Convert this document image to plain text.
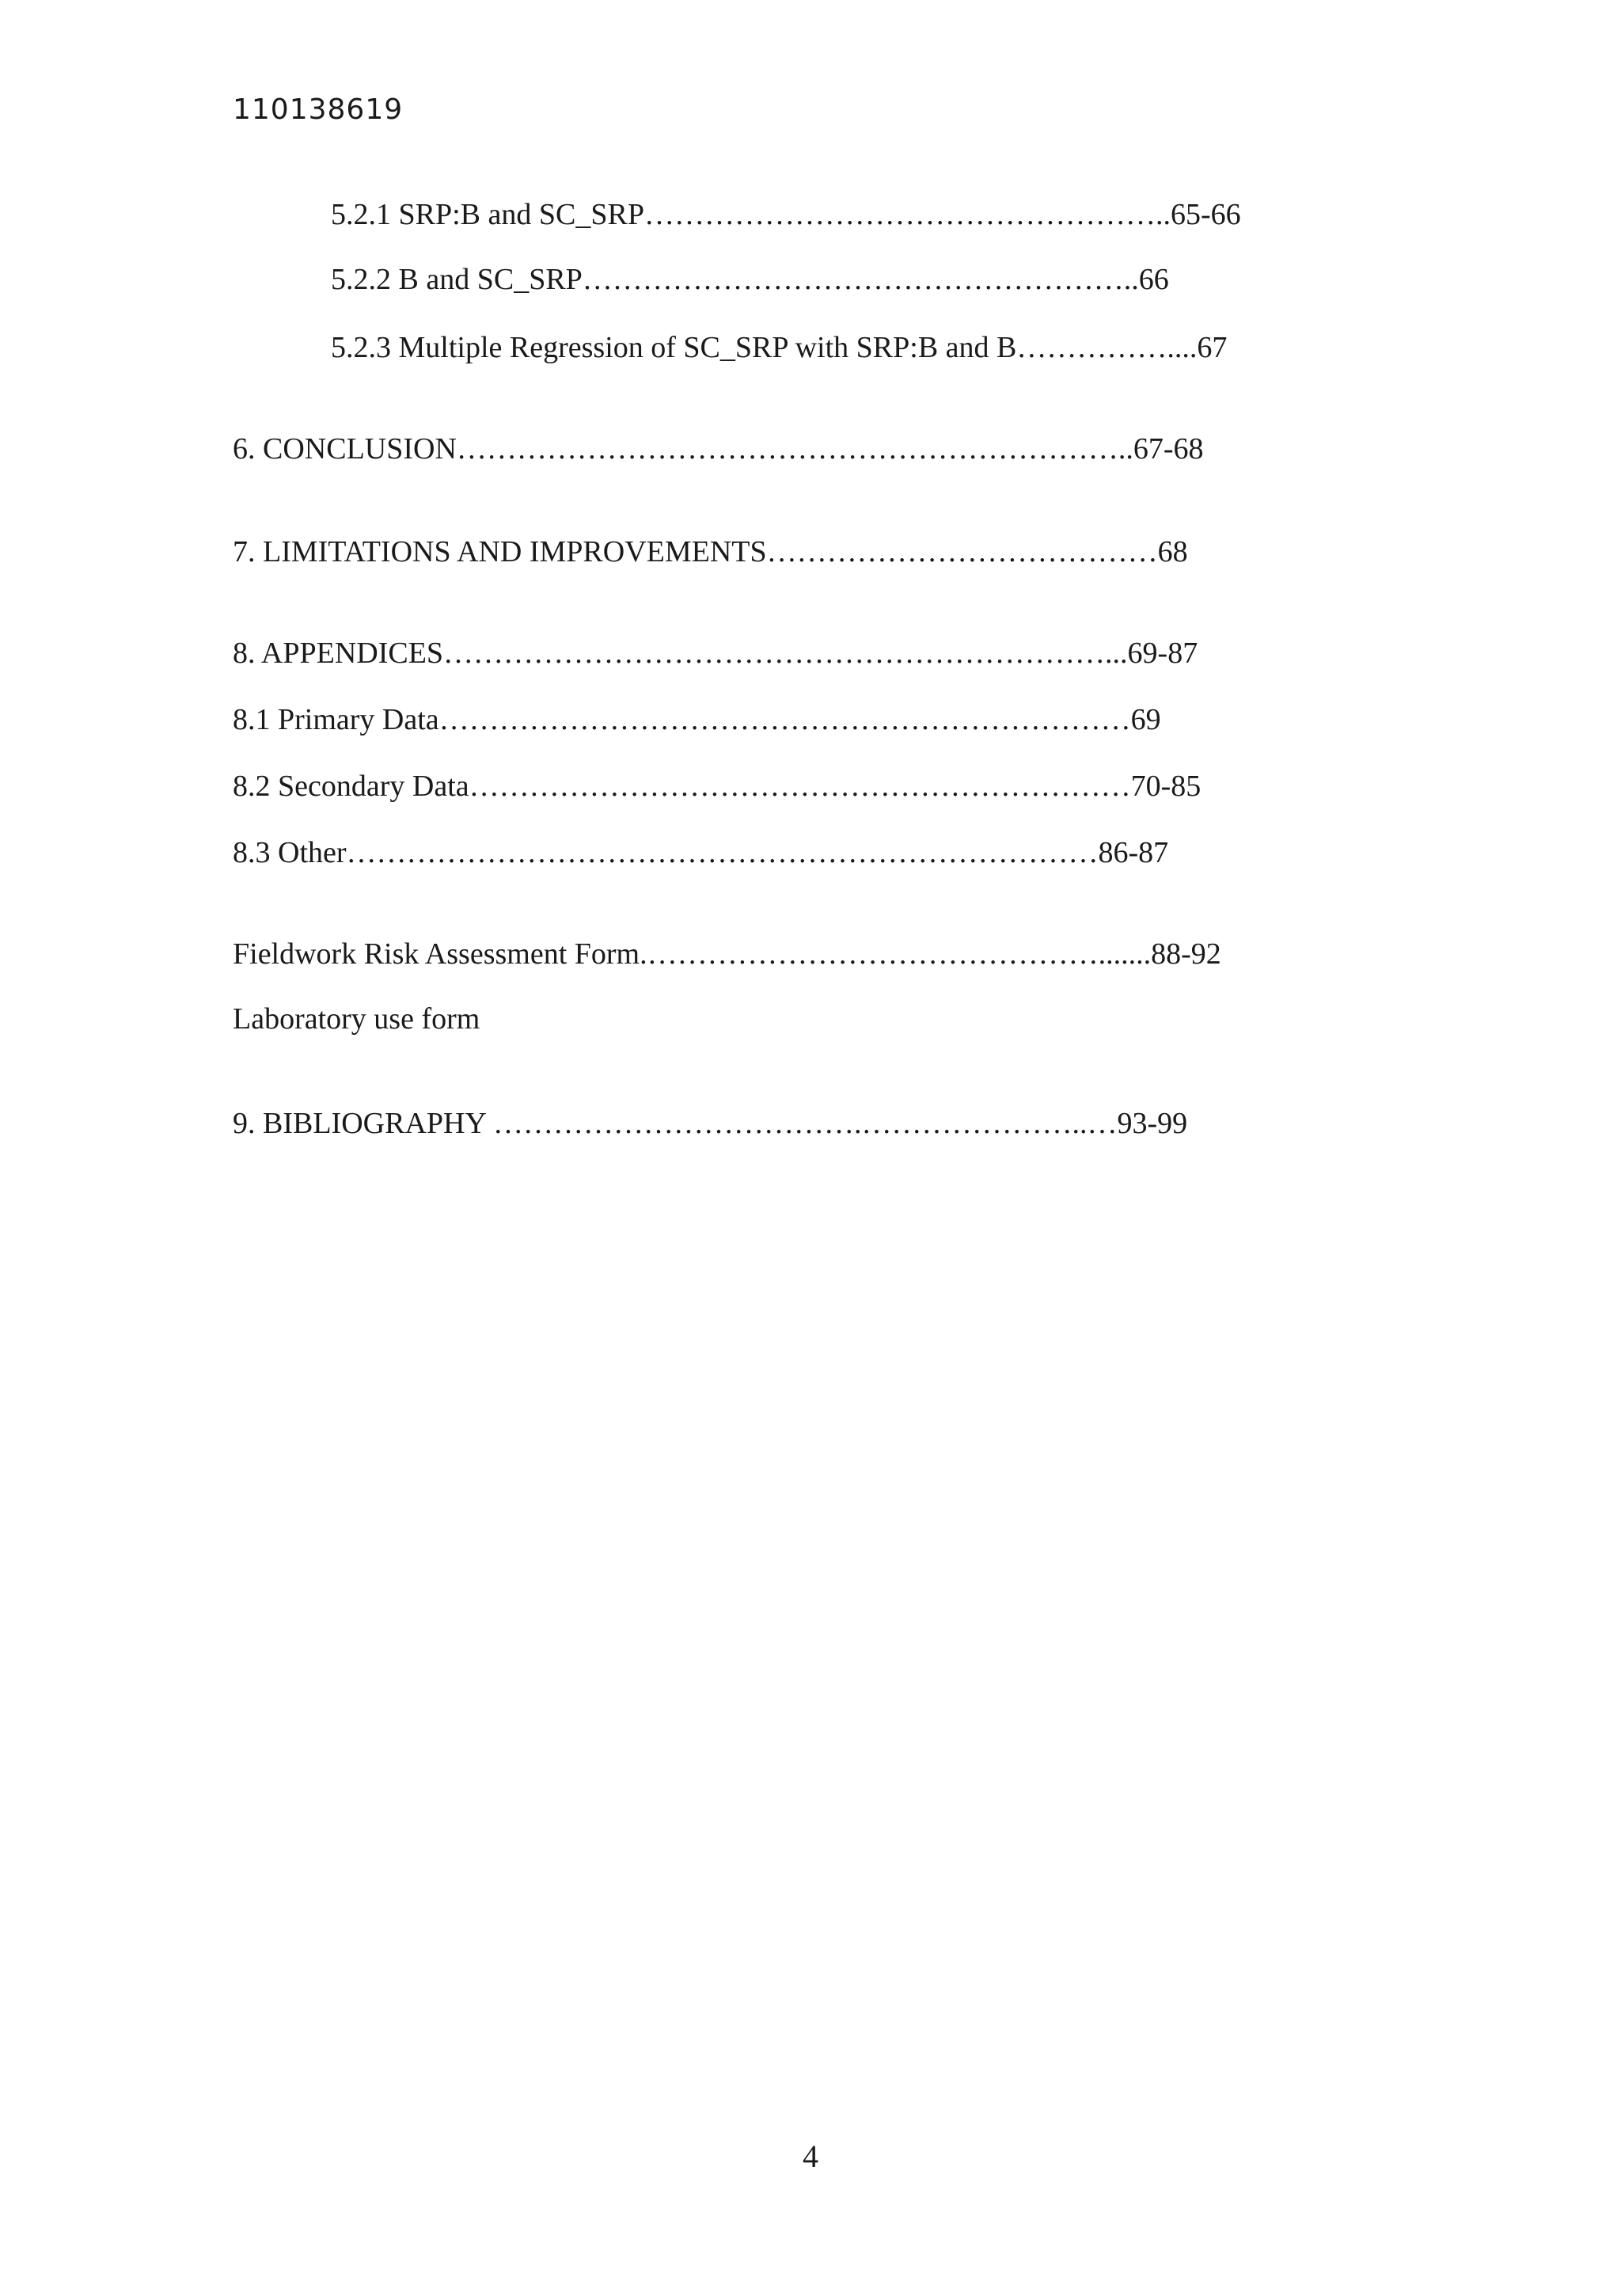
110138619
5.2.1 SRP:B and SC_SRP……………………………………………..65-66
5.2.2 B and SC_SRP………………………………………………..66
5.2.3 Multiple Regression of SC_SRP with SRP:B and B……………....67
6. CONCLUSION…………………………………………………………..67-68
7. LIMITATIONS AND IMPROVEMENTS…………………………………68
8. APPENDICES…………………………………………………………...69-87
8.1 Primary Data……………………………………………………………69
8.2 Secondary Data…………………………………………………………70-85
8.3 Other…………………………………………………………………86-87
Fieldwork Risk Assessment Form.……………………………………….......88-92
Laboratory use form
9. BIBLIOGRAPHY ……………………………….…………………..…93-99
4
